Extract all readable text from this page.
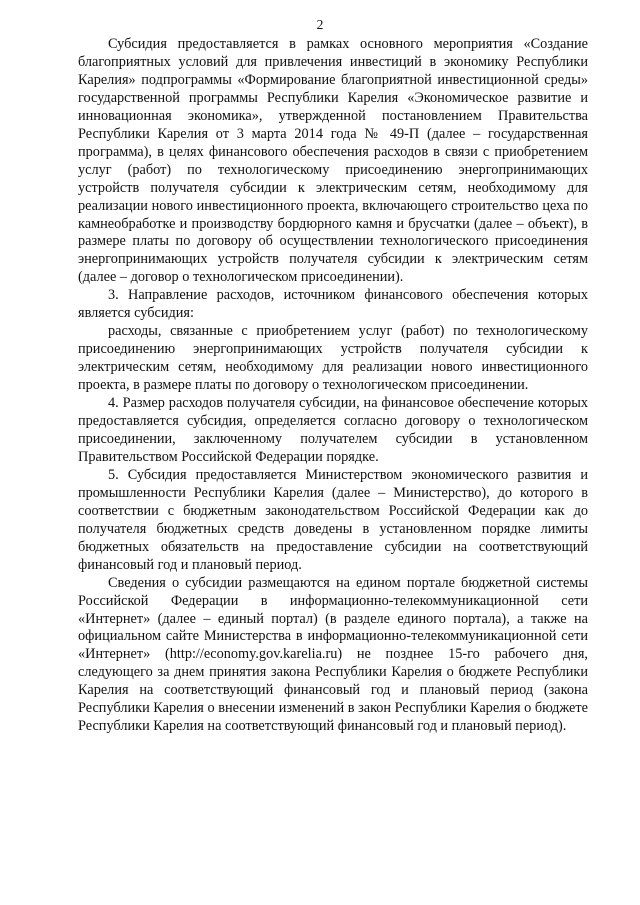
2

Субсидия предоставляется в рамках основного мероприятия «Создание благоприятных условий для привлечения инвестиций в экономику Республики Карелия» подпрограммы «Формирование благоприятной инвестиционной среды» государственной программы Республики Карелия «Экономическое развитие и инновационная экономика», утвержденной постановлением Правительства Республики Карелия от 3 марта 2014 года № 49-П (далее – государственная программа), в целях финансового обеспечения расходов в связи с приобретением услуг (работ) по технологическому присоединению энергопринимающих устройств получателя субсидии к электрическим сетям, необходимому для реализации нового инвестиционного проекта, включающего строительство цеха по камнеобработке и производству бордюрного камня и брусчатки (далее – объект), в размере платы по договору об осуществлении технологического присоединения энергопринимающих устройств получателя субсидии к электрическим сетям (далее – договор о технологическом присоединении).

3. Направление расходов, источником финансового обеспечения которых является субсидия:

расходы, связанные с приобретением услуг (работ) по технологическому присоединению энергопринимающих устройств получателя субсидии к электрическим сетям, необходимому для реализации нового инвестиционного проекта, в размере платы по договору о технологическом присоединении.

4. Размер расходов получателя субсидии, на финансовое обеспечение которых предоставляется субсидия, определяется согласно договору о технологическом присоединении, заключенному получателем субсидии в установленном Правительством Российской Федерации порядке.

5. Субсидия предоставляется Министерством экономического развития и промышленности Республики Карелия (далее – Министерство), до которого в соответствии с бюджетным законодательством Российской Федерации как до получателя бюджетных средств доведены в установленном порядке лимиты бюджетных обязательств на предоставление субсидии на соответствующий финансовый год и плановый период.

Сведения о субсидии размещаются на едином портале бюджетной системы Российской Федерации в информационно-телекоммуникационной сети «Интернет» (далее – единый портал) (в разделе единого портала), а также на официальном сайте Министерства в информационно-телекоммуникационной сети «Интернет» (http://economy.gov.karelia.ru) не позднее 15-го рабочего дня, следующего за днем принятия закона Республики Карелия о бюджете Республики Карелия на соответствующий финансовый год и плановый период (закона Республики Карелия о внесении изменений в закон Республики Карелия о бюджете Республики Карелия на соответствующий финансовый год и плановый период).
